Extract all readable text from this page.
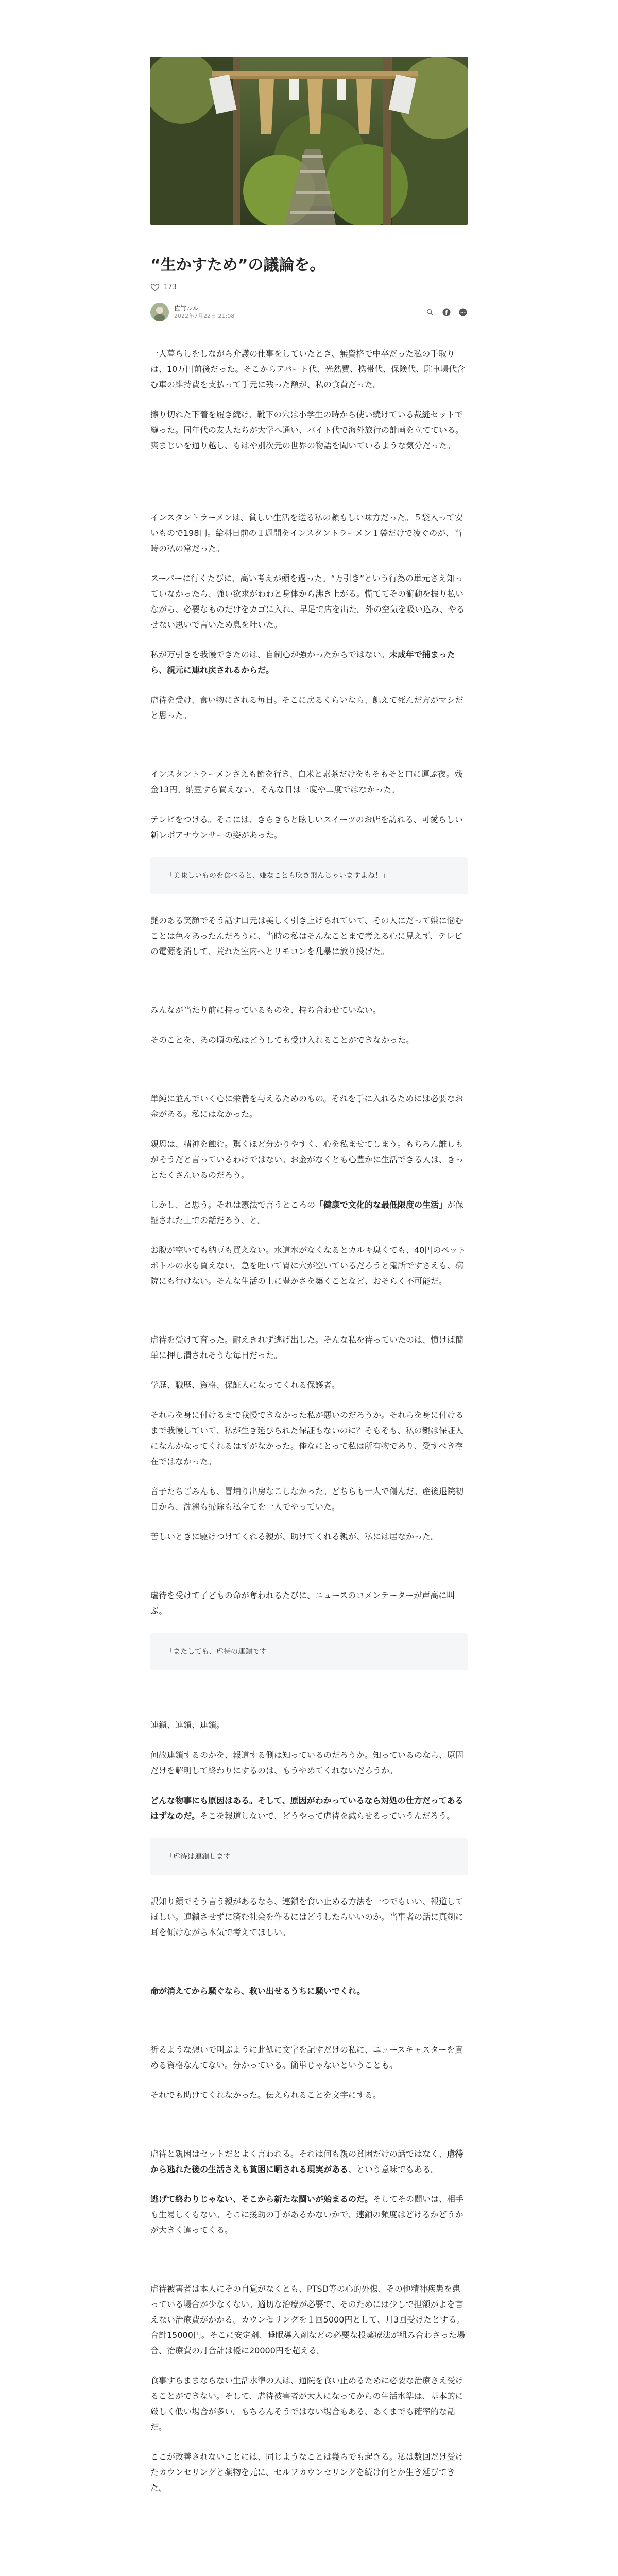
“生かすため”の議論を。
173
佐竹ルル
2022年7月22日 21:08

一人暮らしをしながら介護の仕事をしていたとき、無資格で中卒だった私の手取りは、10万円前後だった。そこからアパート代、光熱費、携帯代、保険代、駐車場代含む車の維持費を支払って手元に残った額が、私の食費だった。

擦り切れた下着を履き続け、靴下の穴は小学生の時から使い続けている裁縫セットで縫った。同年代の友人たちが大学へ通い、バイト代で海外旅行の計画を立てている。爽まじいを通り越し、もはや別次元の世界の物語を聞いているような気分だった。

インスタントラーメンは、貧しい生活を送る私の頼もしい味方だった。５袋入って安いもので198円。給料日前の１週間をインスタントラーメン１袋だけで凌ぐのが、当時の私の常だった。

スーパーに行くたびに、高い考えが頭を過った。“万引き”という行為の単元さえ知っていなかったら、強い欲求がわわと身体から沸き上がる。慌ててその衝動を振り払いながら、必要なものだけをカゴに入れ、早足で店を出た。外の空気を吸い込み、やるせない思いで言いため息を吐いた。

私が万引きを我慢できたのは、自制心が強かったからではない。未成年で捕まったら、親元に連れ戻されるからだ。

虐待を受け、食い物にされる毎日。そこに戻るくらいなら、飢えて死んだ方がマシだと思った。

インスタントラーメンさえも節を行き、白米と素茶だけをもそもそと口に運ぶ夜。残金13円。納豆すら買えない。そんな日は一度や二度ではなかった。

テレビをつける。そこには、きらきらと眩しいスイーツのお店を訪れる、可愛らしい新レポアナウンサーの姿があった。

「美味しいものを食べると、嫌なことも吹き飛んじゃいますよね！」

艶のある笑顔でそう話す口元は美しく引き上げられていて、その人にだって嫌に悩むことは色々あったんだろうに、当時の私はそんなことまで考える心に見えず、テレビの電源を消して、荒れた室内へとリモコンを乱暴に放り投げた。

みんなが当たり前に持っているものを、持ち合わせていない。

そのことを、あの頃の私はどうしても受け入れることができなかった。

単純に並んでいく心に栄養を与えるためのもの。それを手に入れるためには必要なお金がある。私にはなかった。

親恩は、精神を蝕む。驚くほど分かりやすく、心を私ませてしまう。もちろん誰しもがそうだと言っているわけではない。お金がなくとも心豊かに生活できる人は、きっとたくさんいるのだろう。

しかし、と思う。それは憲法で言うところの「健康で文化的な最低限度の生活」が保証された上での話だろう、と。

お腹が空いても納豆も買えない。水道水がなくなるとカルキ臭くても、40円のペットボトルの水も買えない。急を吐いて胃に穴が空いているだろうと鬼所ですさえも、病院にも行けない。そんな生活の上に豊かさを築くことなど、おそらく不可能だ。

虐待を受けて育った。耐えきれず逃げ出した。そんな私を待っていたのは、憤けば簡単に押し潰されそうな毎日だった。

学歴、職歴、資格、保証人になってくれる保護者。

それらを身に付けるまで我慢できなかった私が悪いのだろうか。それらを身に付けるまで我慢していて、私が生き延びられた保証もないのに？そもそも、私の親は保証人になんかなってくれるはずがなかった。俺なにとって私は所有物であり、愛すべき存在ではなかった。

音子たちごみんも、冒埔り出房なこしなかった。どちらも一人で傷んだ。産後退院初日から、洗濯も掃除も私全てを一人でやっていた。

苦しいときに駆けつけてくれる親が、助けてくれる親が、私には居なかった。

虐待を受けて子どもの命が奪われるたびに、ニュースのコメンテーターが声高に叫ぶ。

「またしても、虐待の連鎖です」

連鎖、連鎖、連鎖。

何故連鎖するのかを、報道する側は知っているのだろうか。知っているのなら、原因だけを解明して終わりにするのは、もうやめてくれないだろうか。

どんな物事にも原因はある。そして、原因がわかっているなら対処の仕方だってあるはずなのだ。そこを報道しないで、どうやって虐待を減らせるっていうんだろう。

「虐待は連鎖します」

訳知り顔でそう言う親があるなら、連鎖を食い止める方法を一つでもいい、報道してほしい。連鎖させずに済む社会を作るにはどうしたらいいのか。当事者の話に真剣に耳を傾けながら本気で考えてほしい。

命が消えてから騒ぐなら、救い出せるうちに騒いでくれ。

祈るような想いで叫ぶように此処に文字を記すだけの私に、ニュースキャスターを責める資格なんてない。分かっている。簡単じゃないということも。

それでも助けてくれなかった。伝えられることを文字にする。

虐待と親困はセットだとよく言われる。それは何も親の貧困だけの話ではなく、虐待から逃れた後の生活さえも貧困に晒される現実がある、という意味でもある。

逃げて終わりじゃない、そこから新たな闘いが始まるのだ。そしてその闘いは、相手も生易しくもない。そこに援助の手があるかないかで、連鎖の頻度はどけるかどうかが大きく違ってくる。

虐待被害者は本人にその自覚がなくとも、PTSD等の心的外傷、その他精神疾患を患っている場合が少なくない。適切な治療が必要で、そのためには少しで担額がよを言えない治療費がかかる。カウンセリングを１回5000円として、月3回受けたとする。合計15000円。そこに安定剤、睡眠導入剤などの必要な投薬療法が組み合わさった場合、治療費の月合計は優に20000円を超える。

食事すらままならない生活水準の人は、通院を食い止めるために必要な治療さえ受けることができない。そして、虐待被害者が大人になってからの生活水準は、基本的に厳しく低い場合が多い。もちろんそうではない場合もある、あくまでも確率的な話だ。

ここが改善されないことには、同じようなことは幾らでも起きる。私は数回だけ受けたカウンセリングと薬物を元に、セルフカウンセリングを続け何とか生き延びてきた。
